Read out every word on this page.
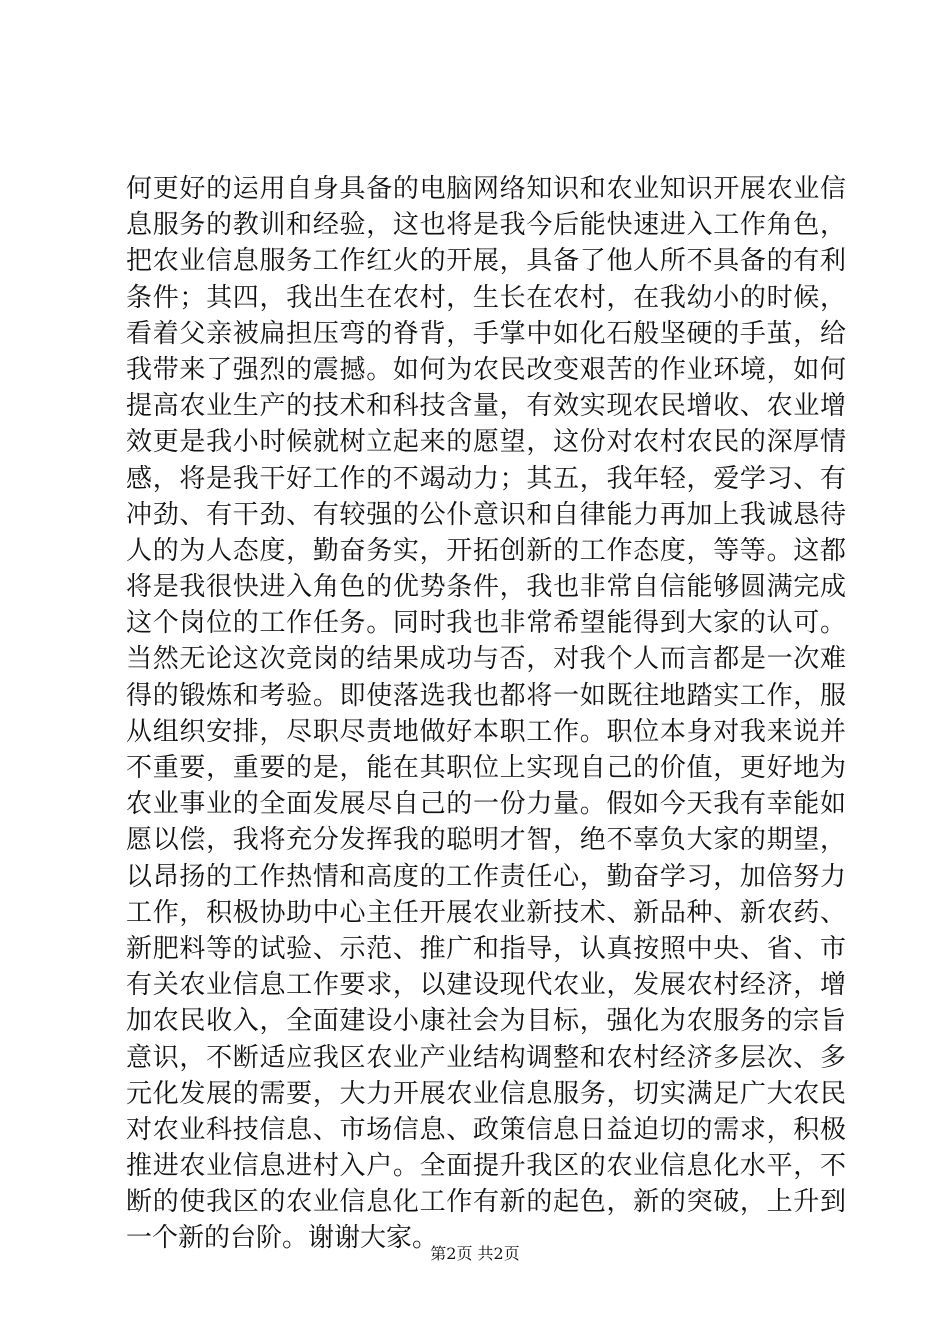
何更好的运用自身具备的电脑网络知识和农业知识开展农业信
息服务的教训和经验，这也将是我今后能快速进入工作角色，
把农业信息服务工作红火的开展，具备了他人所不具备的有利
条件；其四，我出生在农村，生长在农村，在我幼小的时候，
看着父亲被扁担压弯的脊背，手掌中如化石般坚硬的手茧，给
我带来了强烈的震撼。如何为农民改变艰苦的作业环境，如何
提高农业生产的技术和科技含量，有效实现农民增收、农业增
效更是我小时候就树立起来的愿望，这份对农村农民的深厚情
感，将是我干好工作的不竭动力；其五，我年轻，爱学习、有
冲劲、有干劲、有较强的公仆意识和自律能力再加上我诚恳待
人的为人态度，勤奋务实，开拓创新的工作态度，等等。这都
将是我很快进入角色的优势条件，我也非常自信能够圆满完成
这个岗位的工作任务。同时我也非常希望能得到大家的认可。
当然无论这次竞岗的结果成功与否，对我个人而言都是一次难
得的锻炼和考验。即使落选我也都将一如既往地踏实工作，服
从组织安排，尽职尽责地做好本职工作。职位本身对我来说并
不重要，重要的是，能在其职位上实现自己的价值，更好地为
农业事业的全面发展尽自己的一份力量。假如今天我有幸能如
愿以偿，我将充分发挥我的聪明才智，绝不辜负大家的期望，
以昂扬的工作热情和高度的工作责任心，勤奋学习，加倍努力
工作，积极协助中心主任开展农业新技术、新品种、新农药、
新肥料等的试验、示范、推广和指导，认真按照中央、省、市
有关农业信息工作要求，以建设现代农业，发展农村经济，增
加农民收入，全面建设小康社会为目标，强化为农服务的宗旨
意识，不断适应我区农业产业结构调整和农村经济多层次、多
元化发展的需要，大力开展农业信息服务，切实满足广大农民
对农业科技信息、市场信息、政策信息日益迫切的需求，积极
推进农业信息进村入户。全面提升我区的农业信息化水平，不
断的使我区的农业信息化工作有新的起色，新的突破，上升到
一个新的台阶。谢谢大家。
第2页 共2页
